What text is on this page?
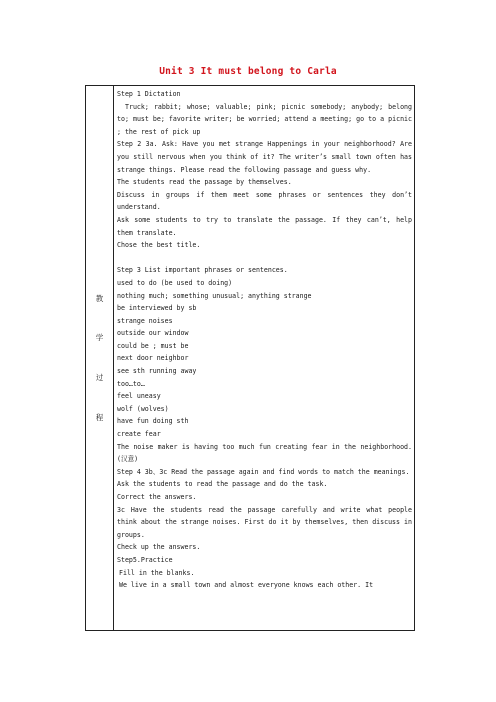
Unit 3 It must belong to Carla
教
学
过
程

Step 1 Dictation

Truck; rabbit; whose; valuable; pink; picnic somebody; anybody; belong to; must be; favorite writer; be worried; attend a meeting; go to a picnic ; the rest of pick up

Step 2 3a. Ask: Have you met strange Happenings in your neighborhood? Are you still nervous when you think of it? The writer’s small town often has strange things. Please read the following passage and guess why.

The students read the passage by themselves.

Discuss in groups if them meet some phrases or sentences they don’t understand.

Ask some students to try to translate the passage. If they can’t, help them translate.

Chose the best title.

Step 3 List important phrases or sentences.

used to do (be used to doing)

nothing much; something unusual; anything strange

be interviewed by sb

strange noises

outside our window

could be ; must be

next door neighbor

see sth running away

too…to…

feel uneasy

wolf (wolves)

have fun doing sth

create fear

The noise maker is having too much fun creating fear in the neighborhood.(汉意)

Step 4 3b、3c Read the passage again and find words to match the meanings.

Ask the students to read the passage and do the task.

Correct the answers.

3c Have the students read the passage carefully and write what people think about the strange noises. First do it by themselves, then discuss in groups.

Check up the answers.

Step5.Practice

Fill in the blanks.

We live in a small town and almost everyone knows each other. It
